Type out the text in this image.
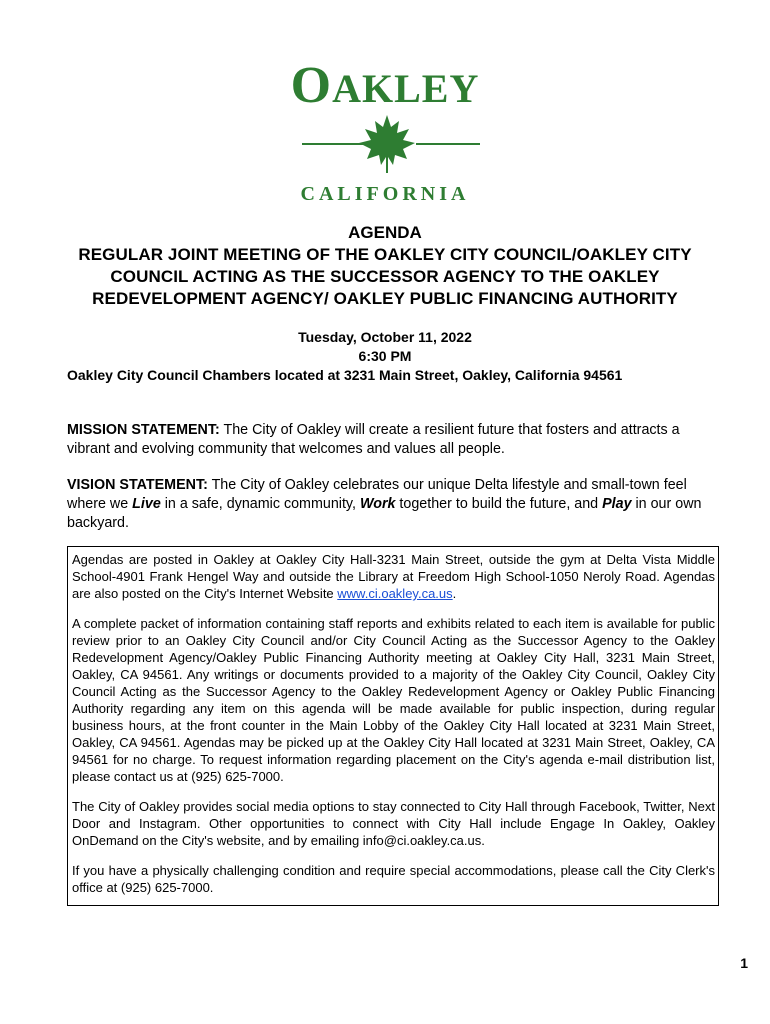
OAKLEY
CALIFORNIA
AGENDA
REGULAR JOINT MEETING OF THE OAKLEY CITY COUNCIL/OAKLEY CITY
COUNCIL ACTING AS THE SUCCESSOR AGENCY TO THE OAKLEY
REDEVELOPMENT AGENCY/ OAKLEY PUBLIC FINANCING AUTHORITY
Tuesday, October 11, 2022
6:30 PM
Oakley City Council Chambers located at 3231 Main Street, Oakley, California 94561
MISSION STATEMENT: The City of Oakley will create a resilient future that fosters and attracts a vibrant and evolving community that welcomes and values all people.
VISION STATEMENT: The City of Oakley celebrates our unique Delta lifestyle and small-town feel where we Live in a safe, dynamic community, Work together to build the future, and Play in our own backyard.

Agendas are posted in Oakley at Oakley City Hall-3231 Main Street, outside the gym at Delta Vista Middle School-4901 Frank Hengel Way and outside the Library at Freedom High School-1050 Neroly Road. Agendas are also posted on the City's Internet Website www.ci.oakley.ca.us.

A complete packet of information containing staff reports and exhibits related to each item is available for public review prior to an Oakley City Council and/or City Council Acting as the Successor Agency to the Oakley Redevelopment Agency/Oakley Public Financing Authority meeting at Oakley City Hall, 3231 Main Street, Oakley, CA 94561. Any writings or documents provided to a majority of the Oakley City Council, Oakley City Council Acting as the Successor Agency to the Oakley Redevelopment Agency or Oakley Public Financing Authority regarding any item on this agenda will be made available for public inspection, during regular business hours, at the front counter in the Main Lobby of the Oakley City Hall located at 3231 Main Street, Oakley, CA 94561. Agendas may be picked up at the Oakley City Hall located at 3231 Main Street, Oakley, CA 94561 for no charge. To request information regarding placement on the City's agenda e-mail distribution list, please contact us at (925) 625-7000.

The City of Oakley provides social media options to stay connected to City Hall through Facebook, Twitter, Next Door and Instagram. Other opportunities to connect with City Hall include Engage In Oakley, Oakley OnDemand on the City's website, and by emailing info@ci.oakley.ca.us.

If you have a physically challenging condition and require special accommodations, please call the City Clerk's office at (925) 625-7000.

1
